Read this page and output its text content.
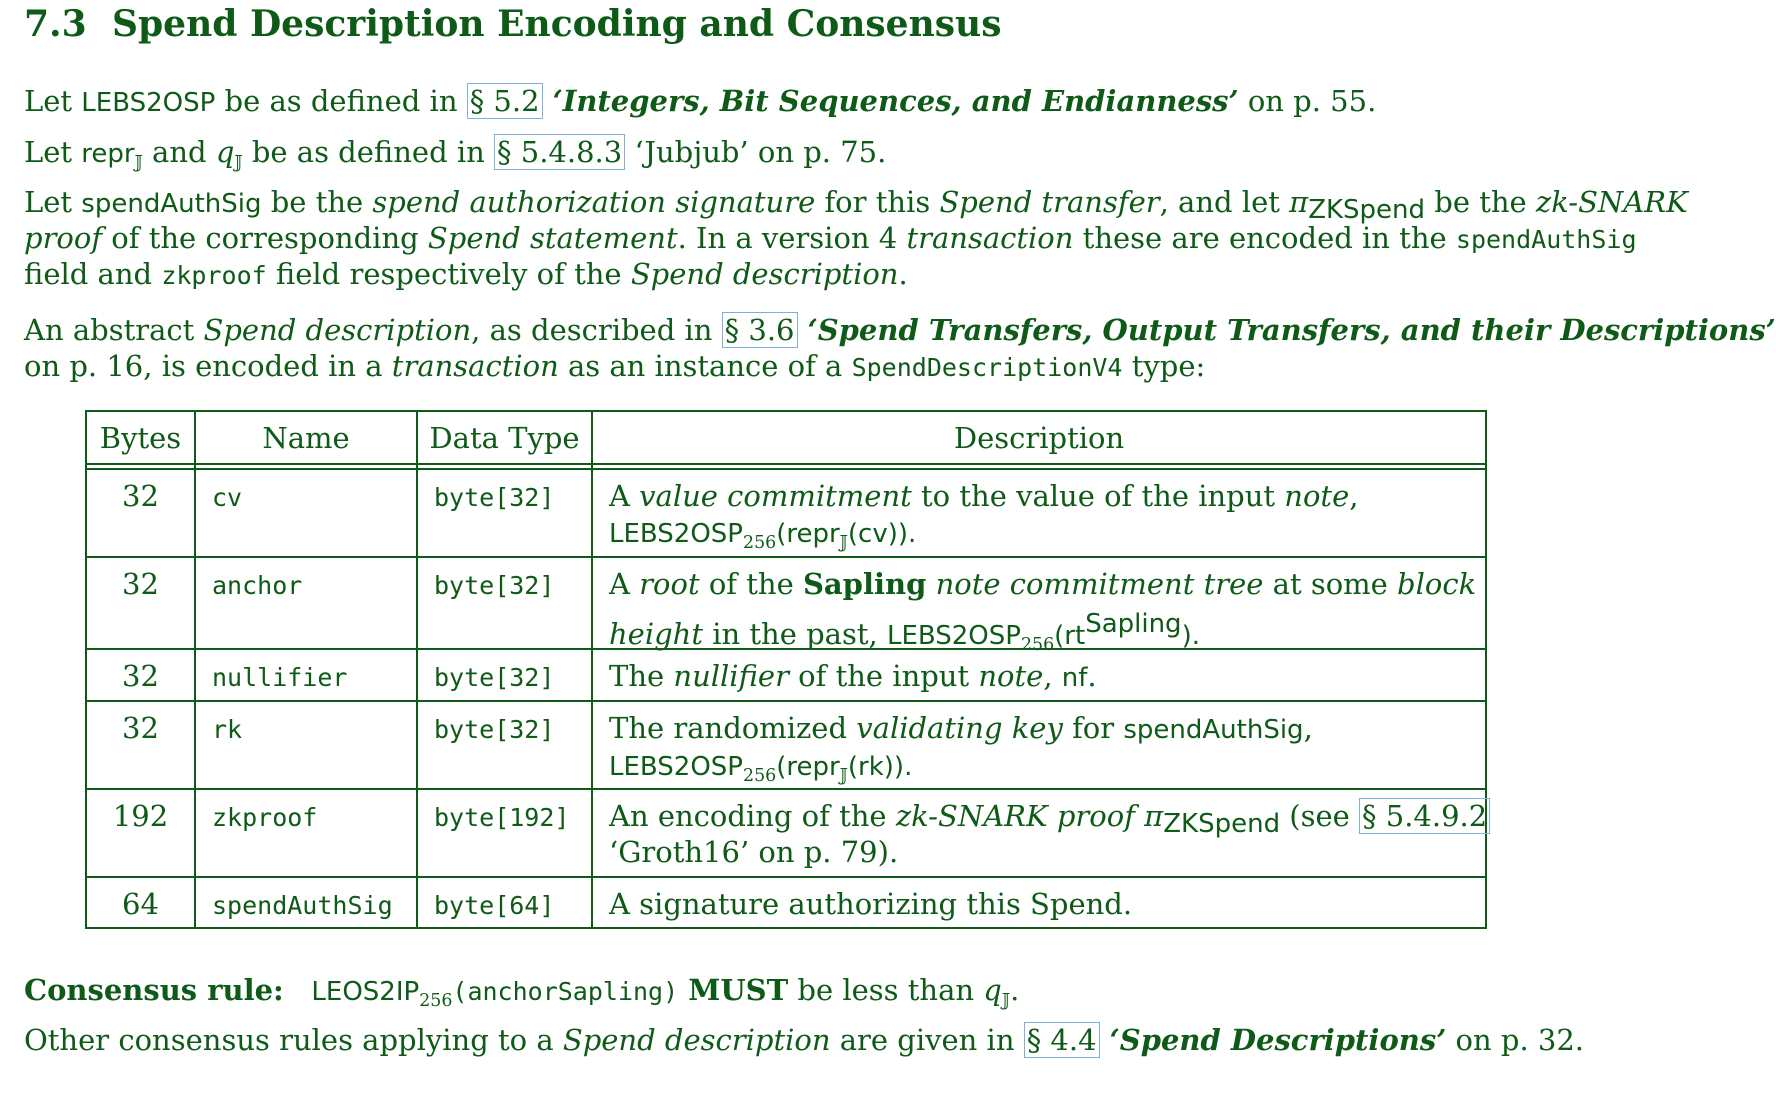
7.3 Spend Description Encoding and Consensus
Let LEBS2OSP be as defined in § 5.2 ‘Integers, Bit Sequences, and Endianness’ on p. 55.
Let repr$_𝕁$ and $q_𝕁$ be as defined in § 5.4.8.3 ‘Jubjub’ on p. 75.
Let spendAuthSig be the spend authorization signature for this Spend transfer, and let $\pi_{ZKSpend}$ be the zk-SNARK
proof of the corresponding Spend statement. In a version 4 transaction these are encoded in the spendAuthSig
field and zkproof field respectively of the Spend description.
An abstract Spend description, as described in § 3.6 ‘Spend Transfers, Output Transfers, and their Descriptions’
on p. 16, is encoded in a transaction as an instance of a SpendDescriptionV4 type:
Bytes	Name	Data Type	Description
32	cv	byte[32] A value commitment to the value of the input note,
$LEBS2OSP_{256}(repr_𝕁(cv))$.
32	anchor	byte[32] A root of the Sapling note commitment tree at some block
height in the past, $LEBS2OSP_{256}(rt^{Sapling})$.
32	nullifier	byte[32] The nullifier of the input note, nf.
32	rk	byte[32] The randomized validating key for spendAuthSig,
$LEBS2OSP_{256}(repr_𝕁(rk))$.
192	zkproof	byte[192] An encoding of the zk-SNARK proof $\pi_{ZKSpend}$ (see § 5.4.9.2
‘Groth16’ on p. 79).
64	spendAuthSig byte[64] A signature authorizing this Spend.
Consensus rule: $LEOS2IP_{256}(anchorSapling)$ MUST be less than $q_𝕁$.
Other consensus rules applying to a Spend description are given in § 4.4 ‘Spend Descriptions’ on p. 32.
